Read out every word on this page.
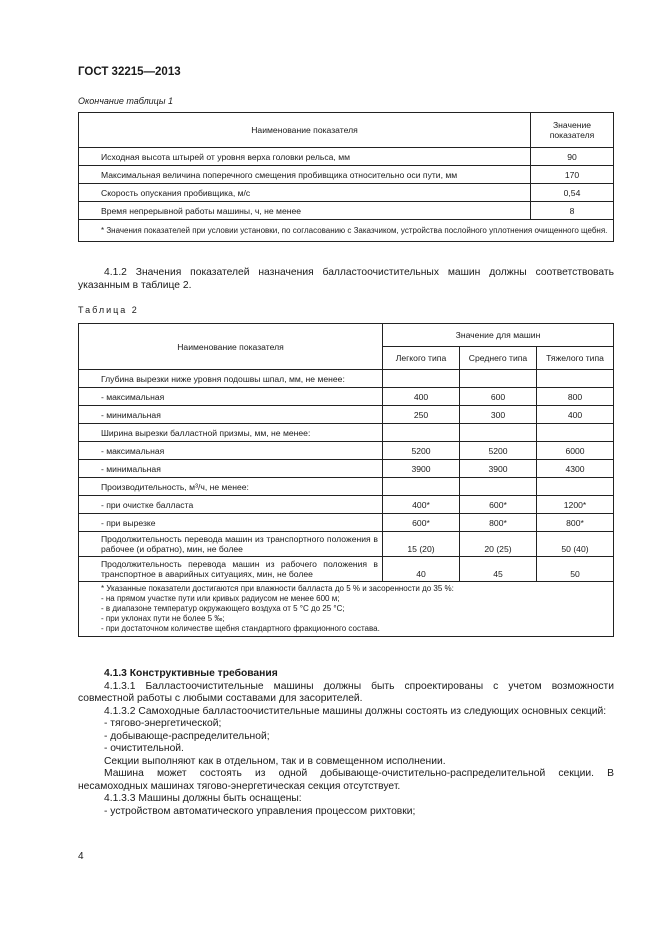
ГОСТ 32215—2013
Окончание таблицы 1
Наименование показателя	Значение показателя
Исходная высота штырей от уровня верха головки рельса, мм	90
Максимальная величина поперечного смещения пробивщика относительно оси пути, мм	170
Скорость опускания пробивщика, м/с	0,54
Время непрерывной работы машины, ч, не менее	8
* Значения показателей при условии установки, по согласованию с Заказчиком, устройства послойного уплотнения очищенного щебня.	
4.1.2 Значения показателей назначения балластоочистительных машин должны соответствовать указанным в таблице 2.
Таблица 2
Наименование показателя	Значение для машин		
	Легкого типа	Среднего типа	Тяжелого типа
Глубина вырезки ниже уровня подошвы шпал, мм, не менее:			
- максимальная	400	600	800
- минимальная	250	300	400
Ширина вырезки балластной призмы, мм, не менее:			
- максимальная	5200	5200	6000
- минимальная	3900	3900	4300
Производительность, м³/ч, не менее:			
- при очистке балласта	400*	600*	1200*
- при вырезке	600*	800*	800*
Продолжительность перевода машин из транспортного положения в рабочее (и обратно), мин, не более	15 (20)	20 (25)	50 (40)
Продолжительность перевода машин из рабочего положения в транспортное в аварийных ситуациях, мин, не более	40	45	50

* Указанные показатели достигаются при влажности балласта до 5 % и засоренности до 35 %:
- на прямом участке пути или кривых радиусом не менее 600 м;
- в диапазоне температур окружающего воздуха от 5 °С до 25 °С;
- при уклонах пути не более 5 ‰;
- при достаточном количестве щебня стандартного фракционного состава.			
4.1.3 Конструктивные требования
4.1.3.1 Балластоочистительные машины должны быть спроектированы с учетом возможности совместной работы с любыми составами для засорителей.
4.1.3.2 Самоходные балластоочистительные машины должны состоять из следующих основных секций:
- тягово-энергетической;
- добывающе-распределительной;
- очистительной.
Секции выполняют как в отдельном, так и в совмещенном исполнении.
Машина может состоять из одной добывающе-очистительно-распределительной секции. В несамоходных машинах тягово-энергетическая секция отсутствует.
4.1.3.3 Машины должны быть оснащены:
- устройством автоматического управления процессом рихтовки;
4
